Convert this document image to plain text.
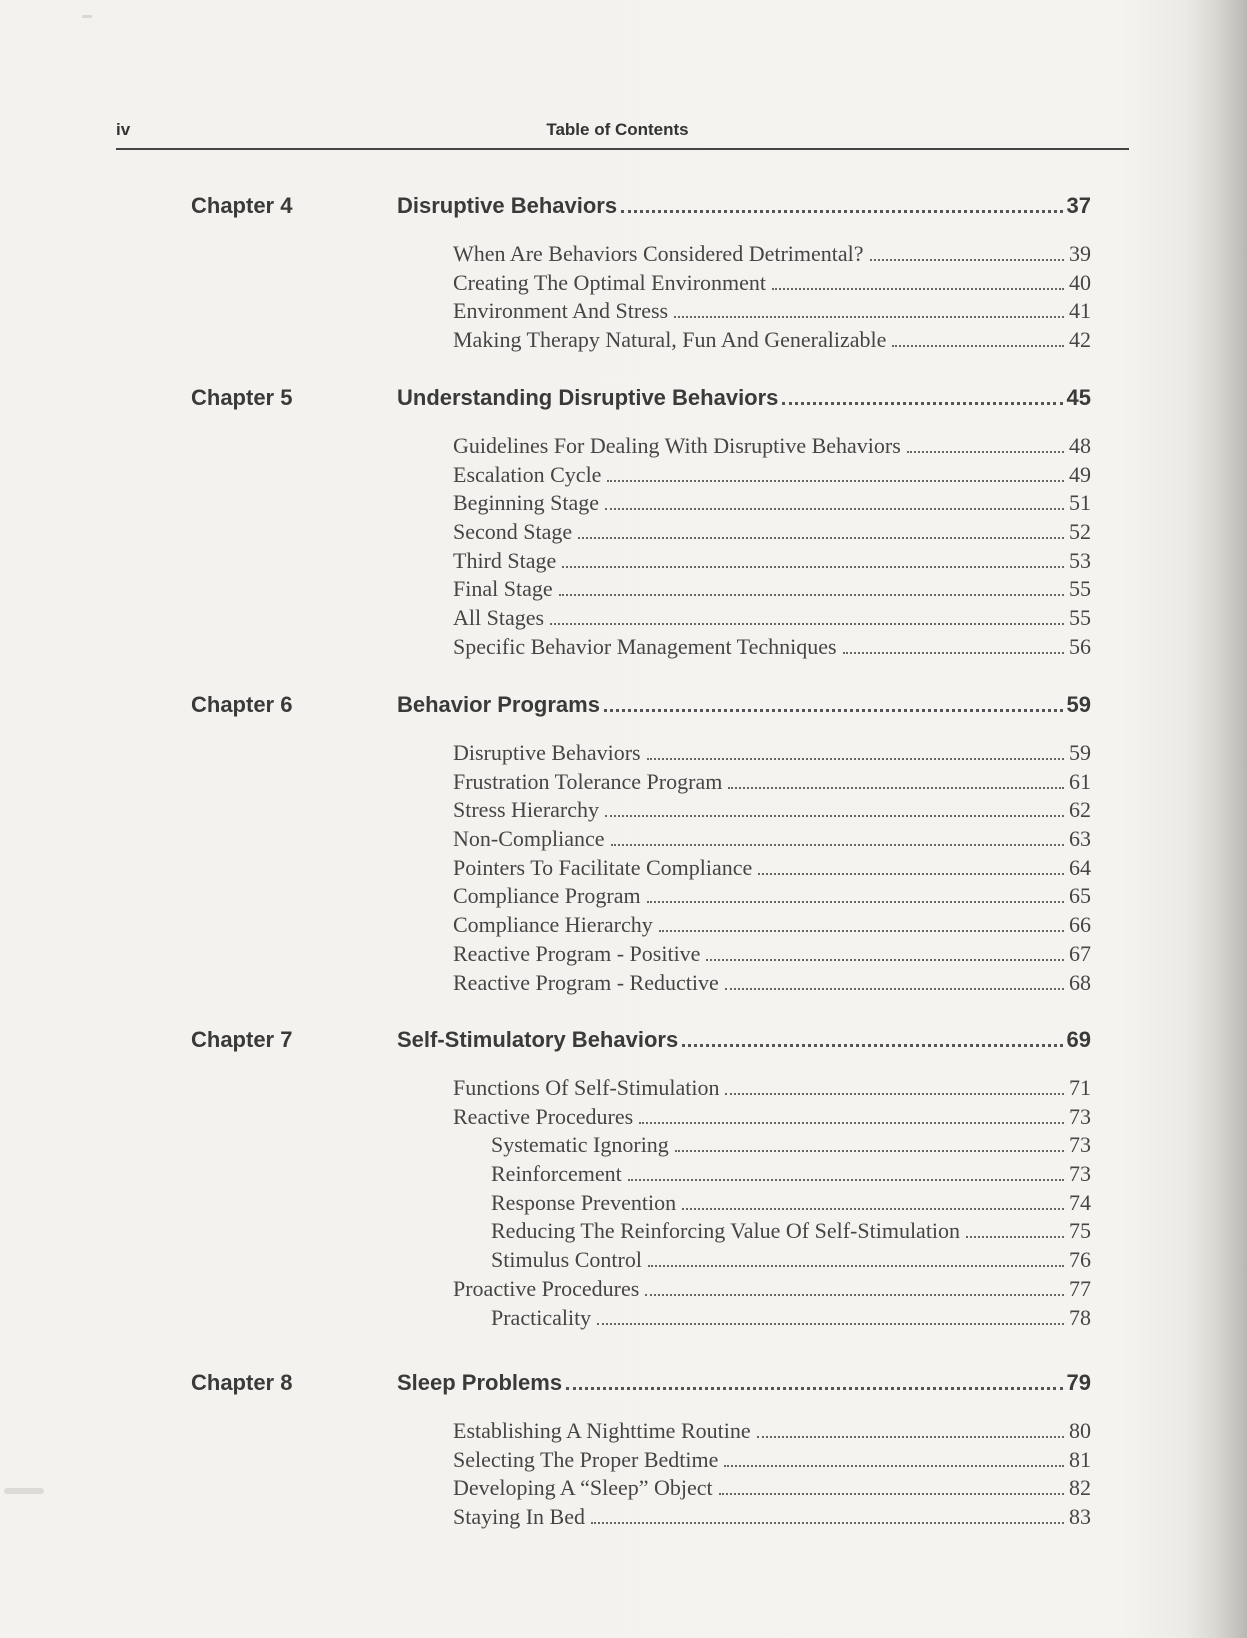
iv	Table of Contents
Chapter 4	Disruptive Behaviors	37
When Are Behaviors Considered Detrimental?	39
Creating The Optimal Environment	40
Environment And Stress	41
Making Therapy Natural, Fun And Generalizable	42
Chapter 5	Understanding Disruptive Behaviors	45
Guidelines For Dealing With Disruptive Behaviors	48
Escalation Cycle	49
Beginning Stage	51
Second Stage	52
Third Stage	53
Final Stage	55
All Stages	55
Specific Behavior Management Techniques	56
Chapter 6	Behavior Programs	59
Disruptive Behaviors	59
Frustration Tolerance Program	61
Stress Hierarchy	62
Non-Compliance	63
Pointers To Facilitate Compliance	64
Compliance Program	65
Compliance Hierarchy	66
Reactive Program - Positive	67
Reactive Program - Reductive	68
Chapter 7	Self-Stimulatory Behaviors	69
Functions Of Self-Stimulation	71
Reactive Procedures	73
Systematic Ignoring	73
Reinforcement	73
Response Prevention	74
Reducing The Reinforcing Value Of Self-Stimulation	75
Stimulus Control	76
Proactive Procedures	77
Practicality	78
Chapter 8	Sleep Problems	79
Establishing A Nighttime Routine	80
Selecting The Proper Bedtime	81
Developing A “Sleep” Object	82
Staying In Bed	83
